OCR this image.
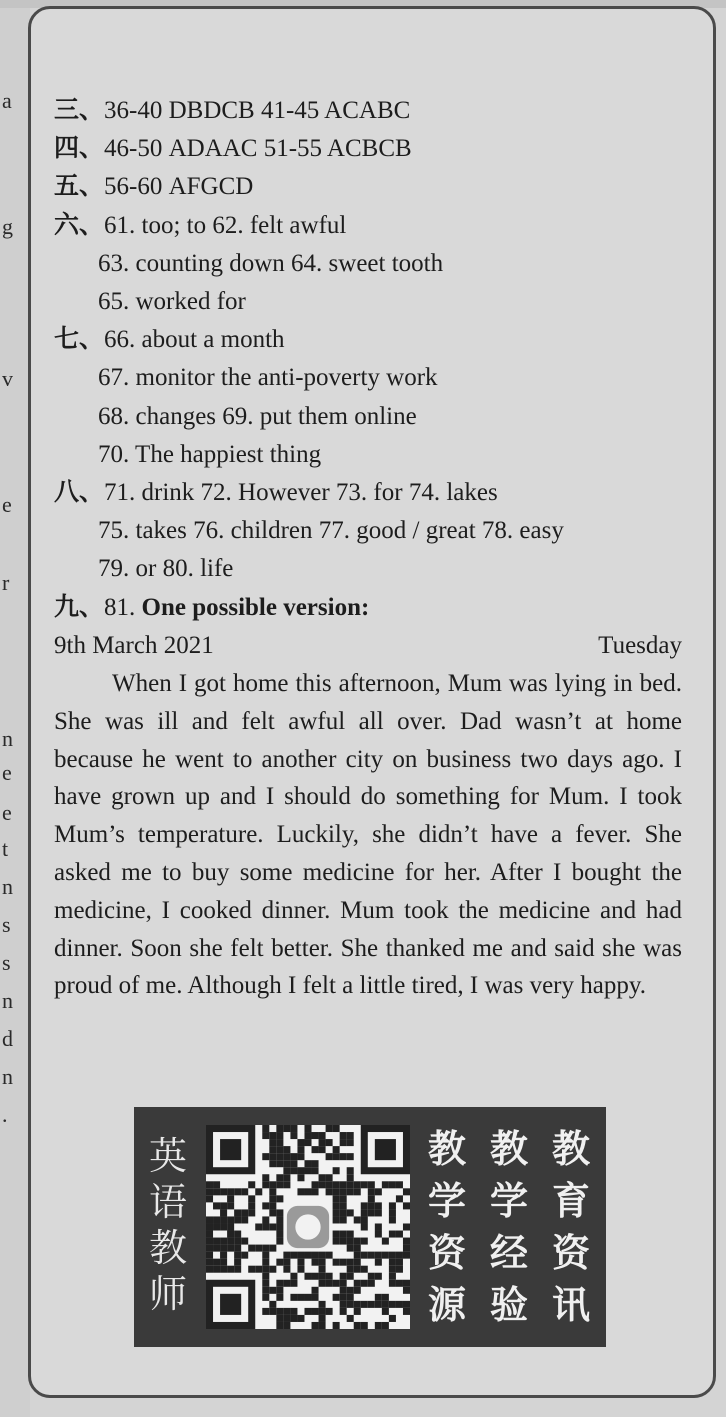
a
g
v
e
r
n
e
e
t
n
s
s
n
d
n
.
三、36-40 DBDCB 41-45 ACABC
四、46-50 ADAAC 51-55 ACBCB
五、56-60 AFGCD
六、61. too; to 62. felt awful
63. counting down 64. sweet tooth
65. worked for
七、66. about a month
67. monitor the anti-poverty work
68. changes 69. put them online
70. The happiest thing
八、71. drink 72. However 73. for 74. lakes
75. takes 76. children 77. good / great 78. easy
79. or 80. life
九、81. One possible version:
9th March 2021	Tuesday

When I got home this afternoon, Mum was lying in bed. She was ill and felt awful all over. Dad wasn’t at home because he went to another city on business two days ago. I have grown up and I should do something for Mum. I took Mum’s temperature. Luckily, she didn’t have a fever. She asked me to buy some medicine for her. After I bought the medicine, I cooked dinner. Mum took the medicine and had dinner. Soon she felt better. She thanked me and said she was proud of me. Although I felt a little tired, I was very happy.

英
语
教
师
教
学
资
源
教
学
经
验
教
育
资
讯
